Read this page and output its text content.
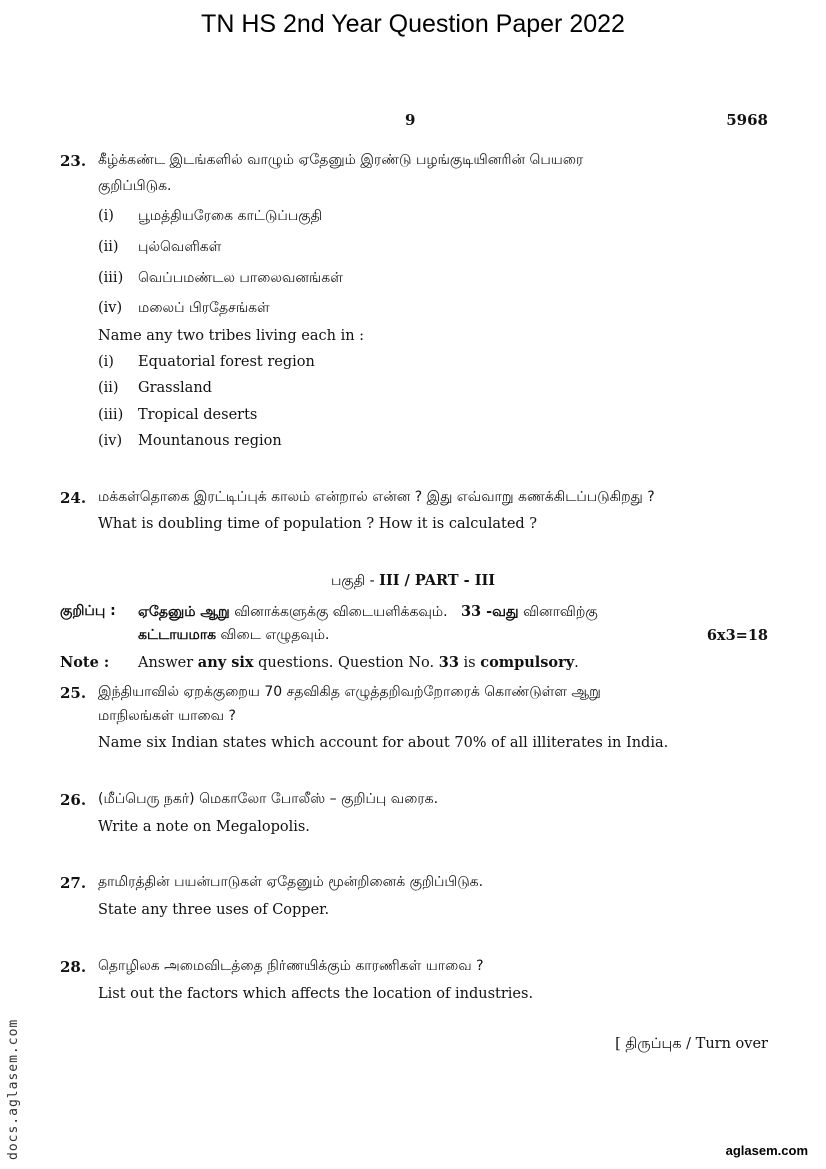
TN HS 2nd Year Question Paper 2022
9	5968
23. கீழ்க்கண்ட இடங்களில் வாழும் ஏதேனும் இரண்டு பழங்குடியினரின் பெயரை
குறிப்பிடுக.
(i) பூமத்தியரேகை காட்டுப்பகுதி
(ii) புல்வெளிகள்
(iii) வெப்பமண்டல பாலைவனங்கள்
(iv) மலைப் பிரதேசங்கள்
Name any two tribes living each in :
(i) Equatorial forest region
(ii) Grassland
(iii) Tropical deserts
(iv) Mountanous region
24. மக்கள்தொகை இரட்டிப்புக் காலம் என்றால் என்ன ? இது எவ்வாறு கணக்கிடப்படுகிறது ?
What is doubling time of population ? How it is calculated ?
பகுதி - III / PART - III
குறிப்பு : ஏதேனும் ஆறு வினாக்களுக்கு விடையளிக்கவும். 33 -வது வினாவிற்கு
கட்டாயமாக விடை எழுதவும்.	6x3=18
Note : Answer any six questions. Question No. 33 is compulsory.
25. இந்தியாவில் ஏறக்குறைய 70 சதவிகித எழுத்தறிவற்றோரைக் கொண்டுள்ள ஆறு
மாநிலங்கள் யாவை ?
Name six Indian states which account for about 70% of all illiterates in India.
26. (மீப்பெரு நகர்) மெகாலோ போலீஸ் – குறிப்பு வரைக.
Write a note on Megalopolis.
27. தாமிரத்தின் பயன்பாடுகள் ஏதேனும் மூன்றினைக் குறிப்பிடுக.
State any three uses of Copper.
28. தொழிலக அமைவிடத்தை நிர்ணயிக்கும் காரணிகள் யாவை ?
List out the factors which affects the location of industries.
[ திருப்புக / Turn over
docs.aglasem.com	aglasem.com
